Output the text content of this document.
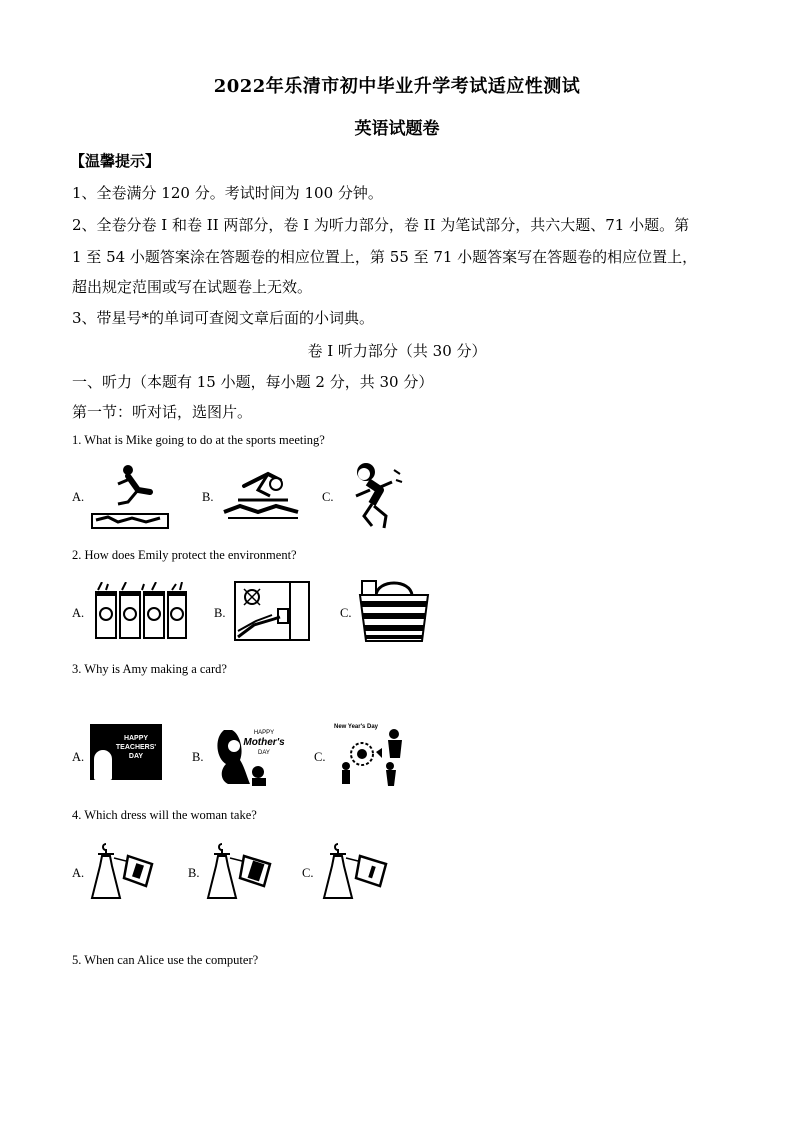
2022年乐清市初中毕业升学考试适应性测试
英语试题卷
【温馨提示】
1、全卷满分 120 分。考试时间为 100 分钟。
2、全卷分卷 I 和卷 II 两部分，卷 I 为听力部分，卷 II 为笔试部分，共六大题、71 小题。第
1 至 54 小题答案涂在答题卷的相应位置上，第 55 至 71 小题答案写在答题卷的相应位置上，
超出规定范围或写在试题卷上无效。
3、带星号*的单词可查阅文章后面的小词典。
卷 I 听力部分（共 30 分）
一、听力（本题有 15 小题，每小题 2 分，共 30 分）
第一节：听对话，选图片。
1. What is Mike going to do at the sports meeting?
A.	B.	C.
2. How does Emily protect the environment?
A.	B.	C.
3. Why is Amy making a card?
A.
HAPPY
TEACHERS'
DAY	B.
HAPPY
Mother's
DAY	C.
New Year's Day
4. Which dress will the woman take?
A.	B.	C.
5. When can Alice use the computer?
